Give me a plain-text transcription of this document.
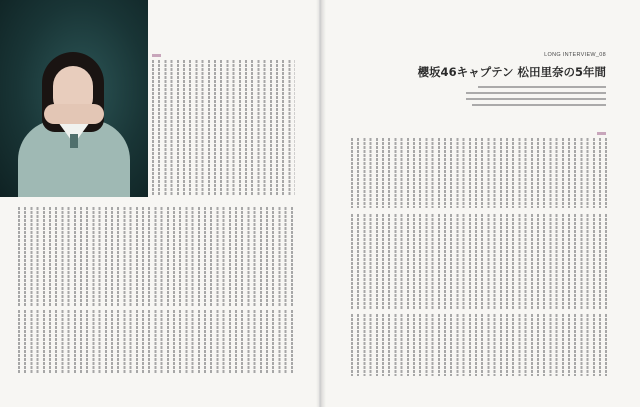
LONG INTERVIEW_08
櫻坂46キャプテン 松田里奈の5年間
